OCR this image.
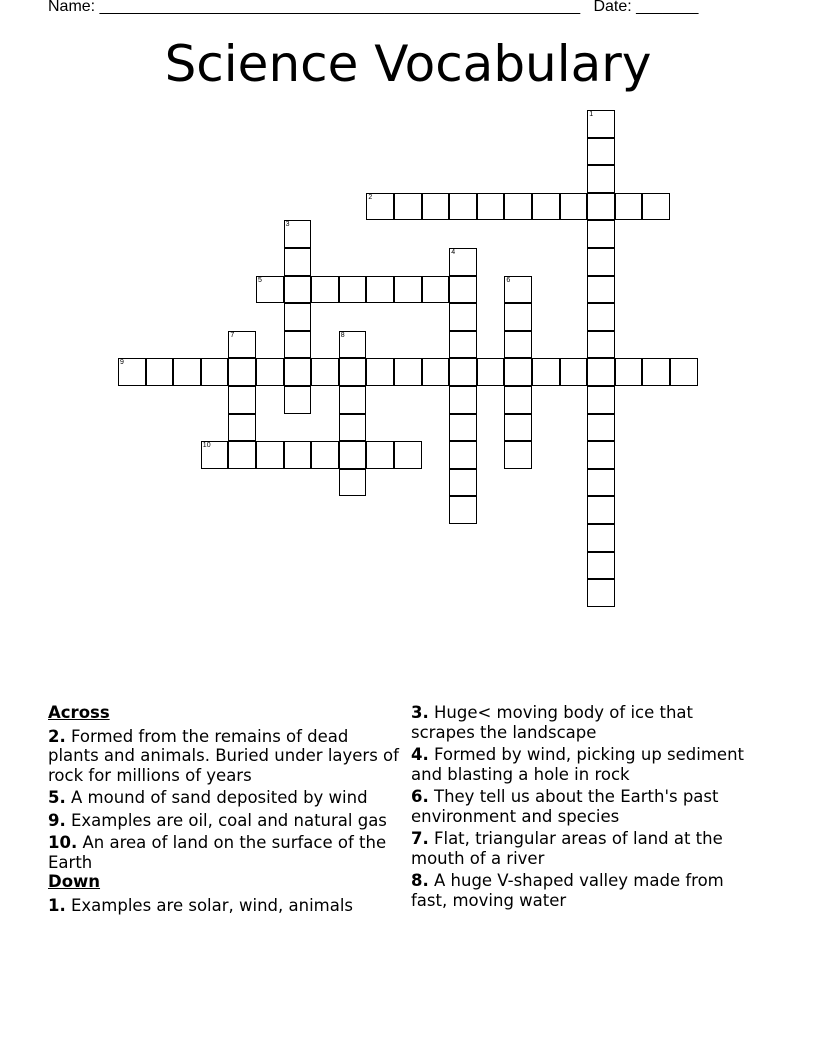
Name: ______________________________________________________ Date: _______
Science Vocabulary
1
2
3
4
5	6
7	8
9
10
Across
2. Formed from the remains of dead plants and animals. Buried under layers of rock for millions of years
5. A mound of sand deposited by wind
9. Examples are oil, coal and natural gas
10. An area of land on the surface of the Earth
Down
1. Examples are solar, wind, animals
3. Huge< moving body of ice that scrapes the landscape
4. Formed by wind, picking up sediment and blasting a hole in rock
6. They tell us about the Earth's past environment and species
7. Flat, triangular areas of land at the mouth of a river
8. A huge V-shaped valley made from fast, moving water
